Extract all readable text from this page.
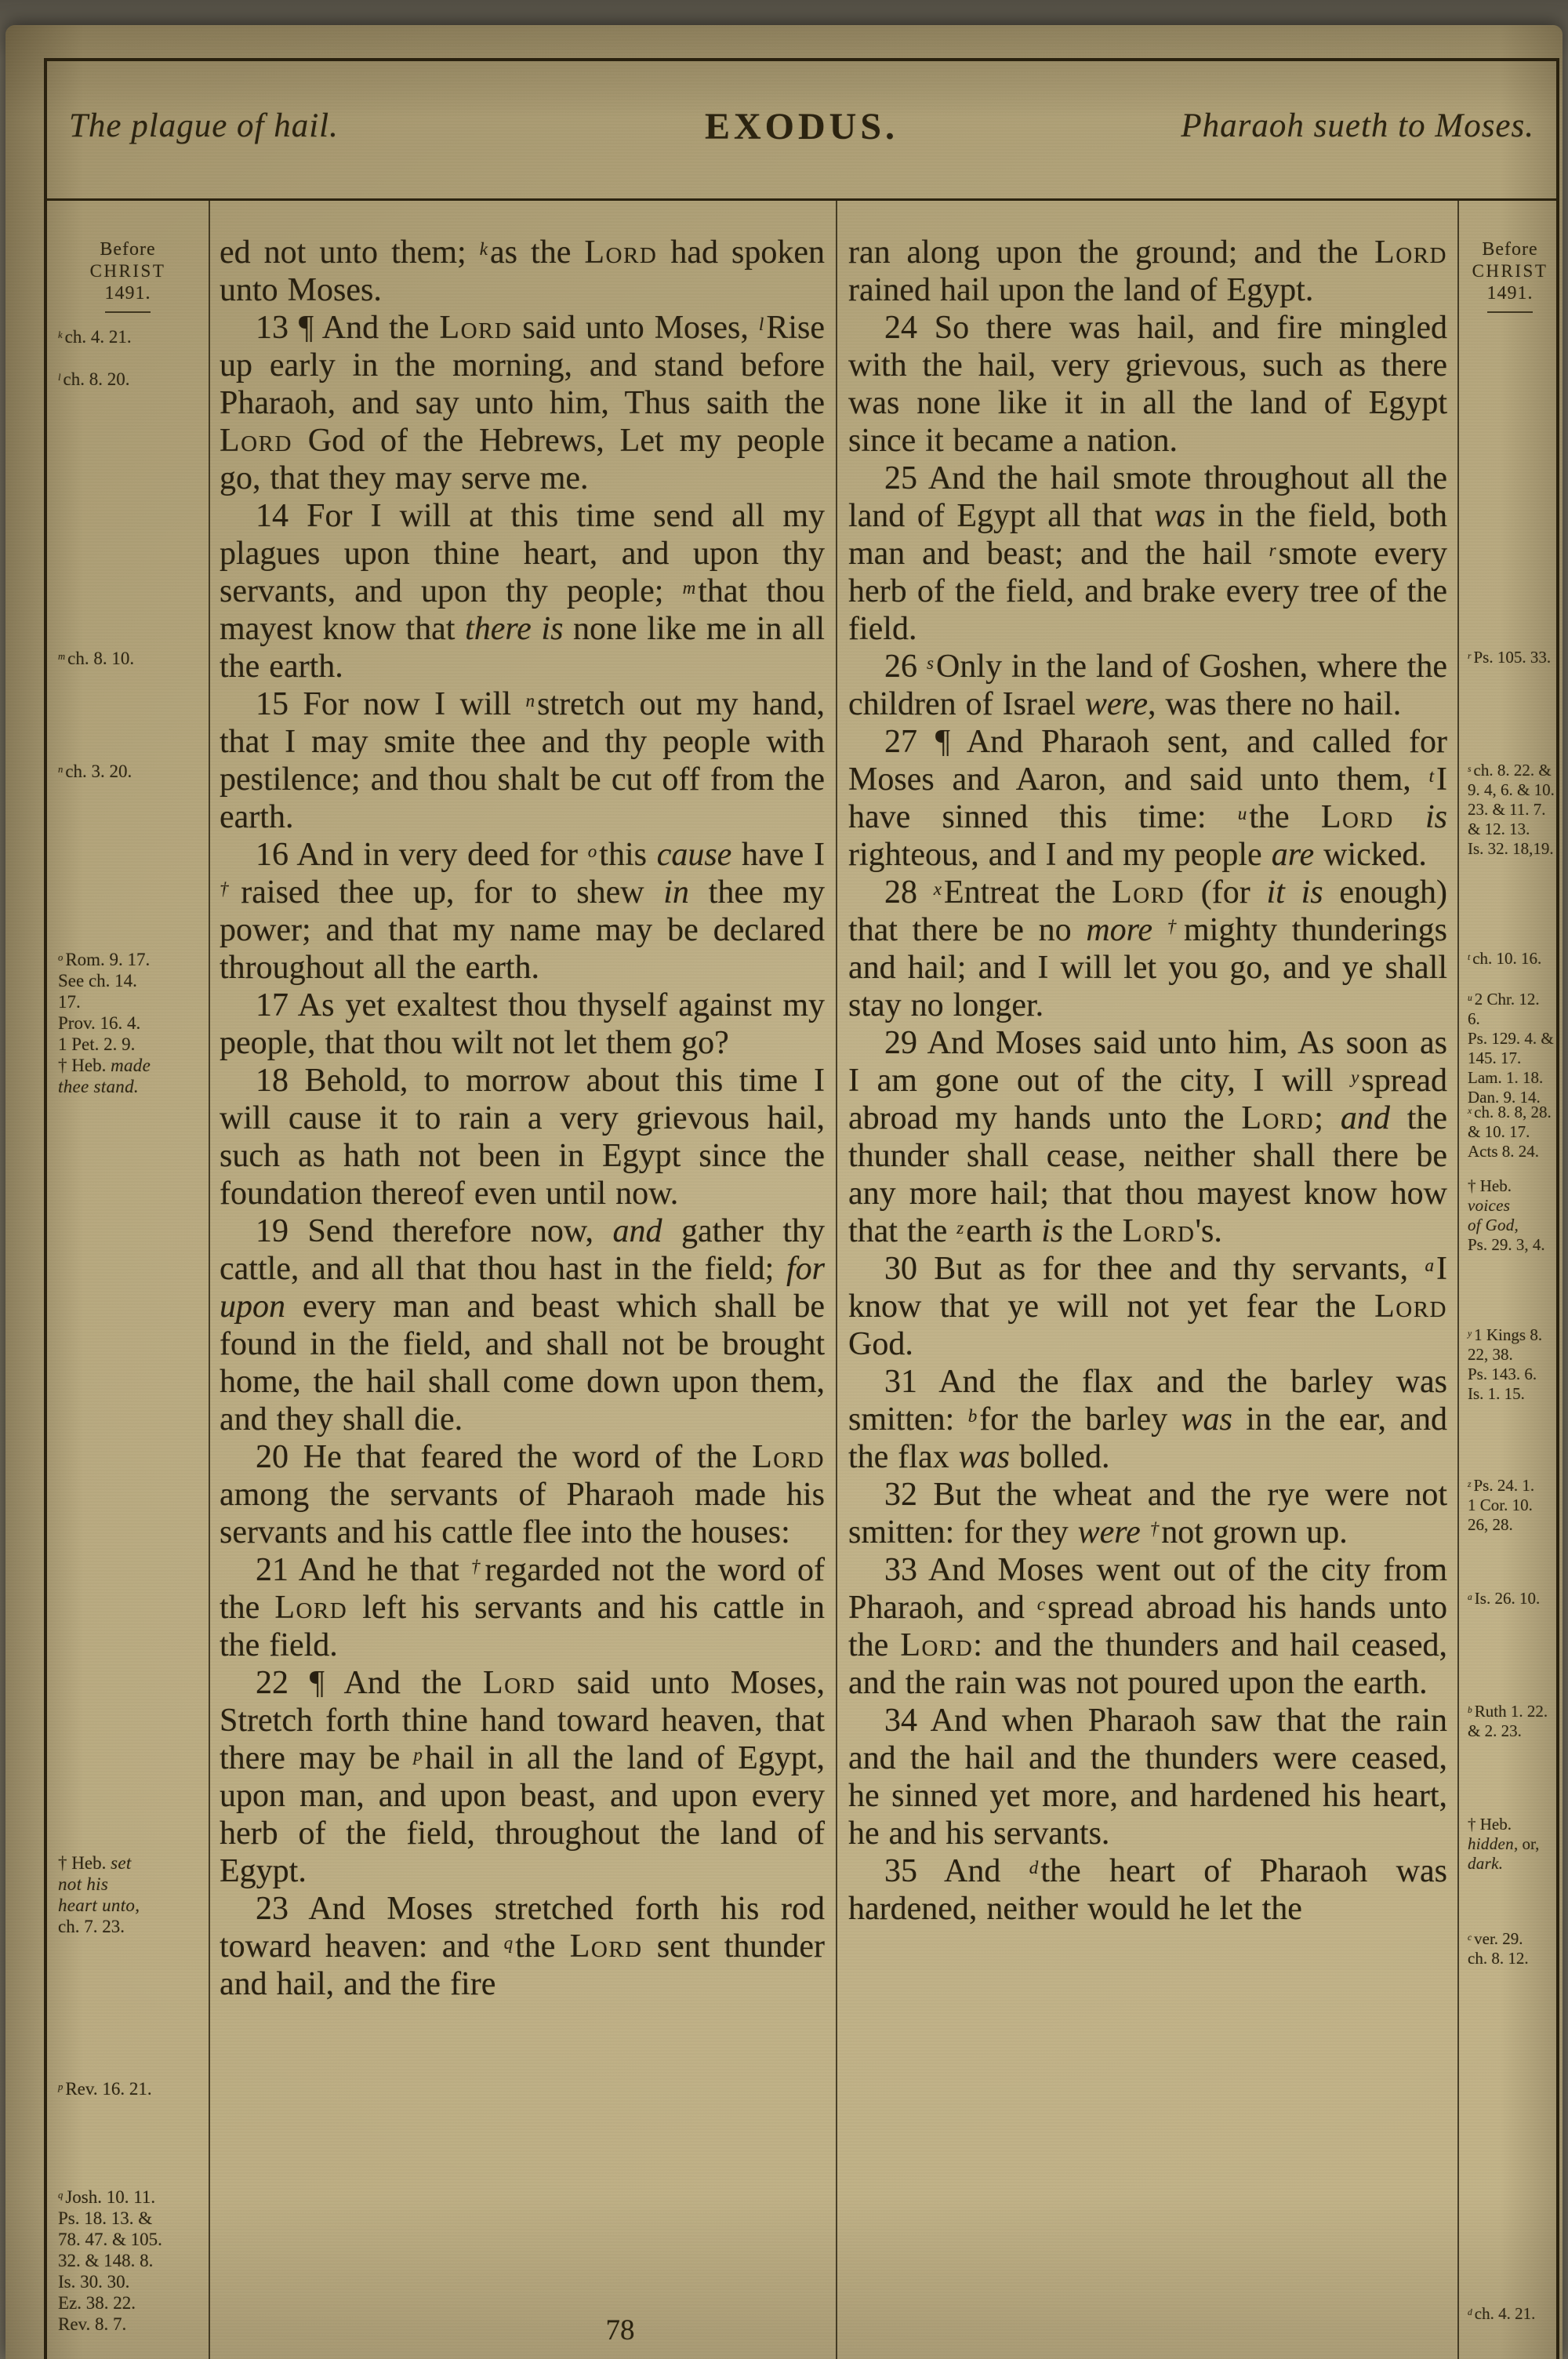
The plague of hail.	EXODUS.	Pharaoh sueth to Moses.
Before
CHRIST
1491.
$^k$ ch. 4. 21.
$^l$ ch. 8. 20.
$^m$ ch. 8. 10.
$^n$ ch. 3. 20.
$^o$ Rom. 9. 17.
See ch. 14.
17.
Prov. 16. 4.
1 Pet. 2. 9.
† Heb. made
thee stand.
† Heb. set
not his
heart unto,
ch. 7. 23.
$^p$ Rev. 16. 21.
$^q$ Josh. 10. 11.
Ps. 18. 13. &
78. 47. & 105.
32. & 148. 8.
Is. 30. 30.
Ez. 38. 22.
Rev. 8. 7.

ed not unto them; $^k$as the Lord had spoken unto Moses.

13 ¶ And the Lord said unto Moses, $^l$Rise up early in the morning, and stand before Pharaoh, and say unto him, Thus saith the Lord God of the Hebrews, Let my people go, that they may serve me.

14 For I will at this time send all my plagues upon thine heart, and upon thy servants, and upon thy people; $^m$that thou mayest know that there is none like me in all the earth.

15 For now I will $^n$stretch out my hand, that I may smite thee and thy people with pestilence; and thou shalt be cut off from the earth.

16 And in very deed for $^o$this cause have I †raised thee up, for to shew in thee my power; and that my name may be declared throughout all the earth.

17 As yet exaltest thou thyself against my people, that thou wilt not let them go?

18 Behold, to morrow about this time I will cause it to rain a very grievous hail, such as hath not been in Egypt since the foundation thereof even until now.

19 Send therefore now, and gather thy cattle, and all that thou hast in the field; for upon every man and beast which shall be found in the field, and shall not be brought home, the hail shall come down upon them, and they shall die.

20 He that feared the word of the Lord among the servants of Pharaoh made his servants and his cattle flee into the houses:

21 And he that †regarded not the word of the Lord left his servants and his cattle in the field.

22 ¶ And the Lord said unto Moses, Stretch forth thine hand toward heaven, that there may be $^p$hail in all the land of Egypt, upon man, and upon beast, and upon every herb of the field, throughout the land of Egypt.

23 And Moses stretched forth his rod toward heaven: and $^q$the Lord sent thunder and hail, and the fire

ran along upon the ground; and the Lord rained hail upon the land of Egypt.

24 So there was hail, and fire mingled with the hail, very grievous, such as there was none like it in all the land of Egypt since it became a nation.

25 And the hail smote throughout all the land of Egypt all that was in the field, both man and beast; and the hail $^r$smote every herb of the field, and brake every tree of the field.

26 $^s$Only in the land of Goshen, where the children of Israel were, was there no hail.

27 ¶ And Pharaoh sent, and called for Moses and Aaron, and said unto them, $^t$I have sinned this time: $^u$the Lord is righteous, and I and my people are wicked.

28 $^x$Entreat the Lord (for it is enough) that there be no more †mighty thunderings and hail; and I will let you go, and ye shall stay no longer.

29 And Moses said unto him, As soon as I am gone out of the city, I will $^y$spread abroad my hands unto the Lord; and the thunder shall cease, neither shall there be any more hail; that thou mayest know how that the $^z$earth is the Lord's.

30 But as for thee and thy servants, $^a$I know that ye will not yet fear the Lord God.

31 And the flax and the barley was smitten: $^b$for the barley was in the ear, and the flax was bolled.

32 But the wheat and the rye were not smitten: for they were †not grown up.

33 And Moses went out of the city from Pharaoh, and $^c$spread abroad his hands unto the Lord: and the thunders and hail ceased, and the rain was not poured upon the earth.

34 And when Pharaoh saw that the rain and the hail and the thunders were ceased, he sinned yet more, and hardened his heart, he and his servants.

35 And $^d$the heart of Pharaoh was hardened, neither would he let the

Before
CHRIST
1491.
$^r$ Ps. 105. 33.
$^s$ ch. 8. 22. &
9. 4, 6. & 10.
23. & 11. 7.
& 12. 13.
Is. 32. 18,19.
$^t$ ch. 10. 16.
$^u$ 2 Chr. 12. 6.
Ps. 129. 4. &
145. 17.
Lam. 1. 18.
Dan. 9. 14.
$^x$ ch. 8. 8, 28.
& 10. 17.
Acts 8. 24.
† Heb. voices
of God,
Ps. 29. 3, 4.
$^y$ 1 Kings 8.
22, 38.
Ps. 143. 6.
Is. 1. 15.
$^z$ Ps. 24. 1.
1 Cor. 10.
26, 28.
$^a$ Is. 26. 10.
$^b$ Ruth 1. 22.
& 2. 23.
† Heb.
hidden, or,
dark.
$^c$ ver. 29.
ch. 8. 12.
$^d$ ch. 4. 21.
78
